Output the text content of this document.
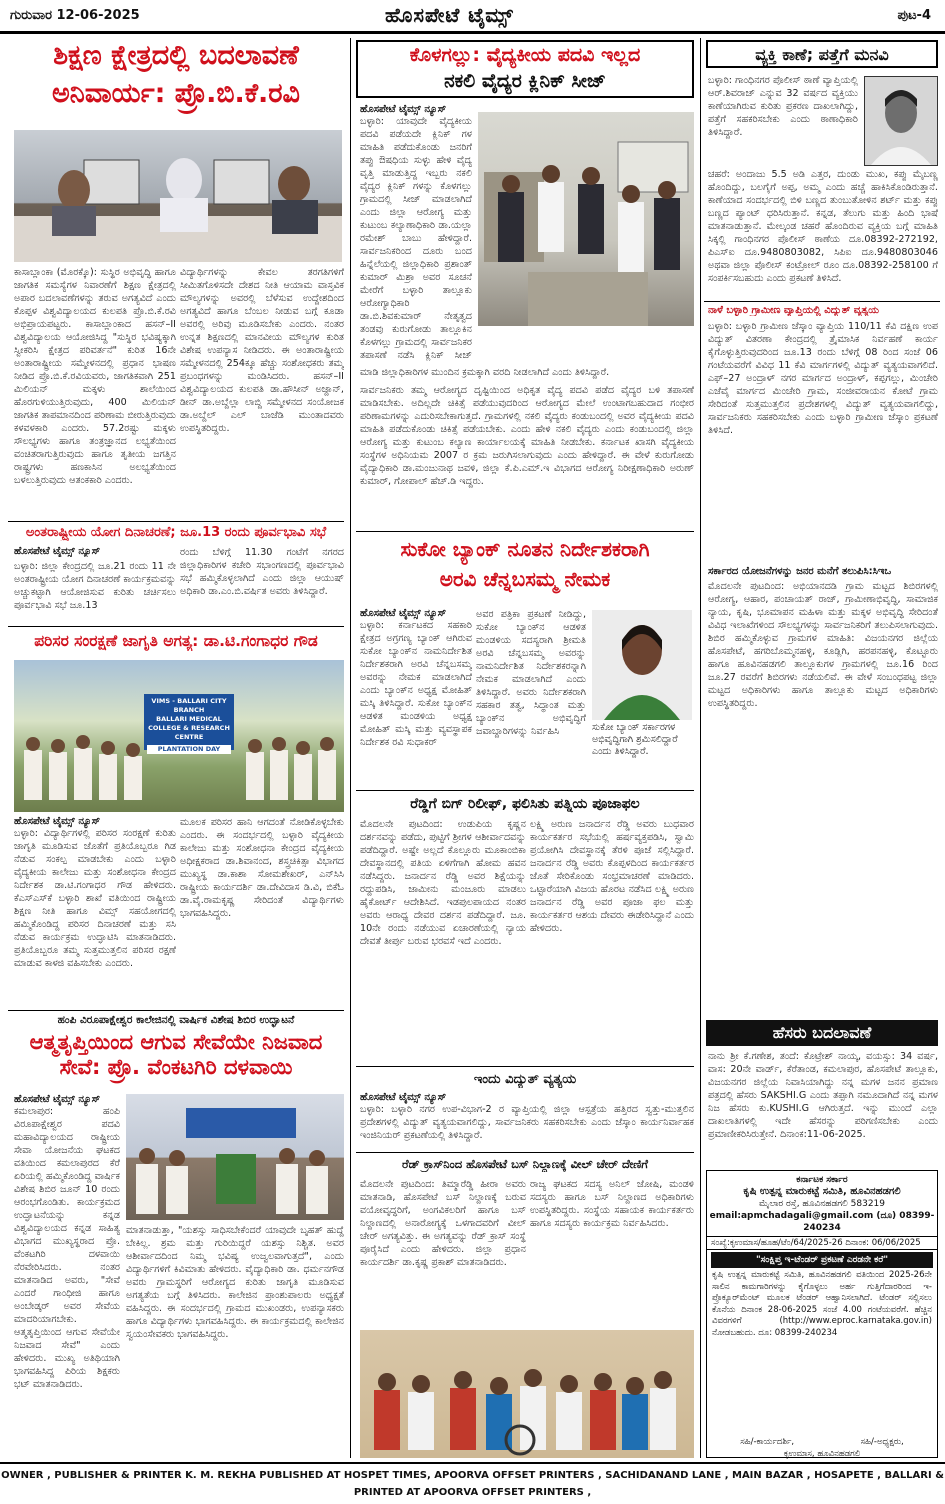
ಗುರುವಾರ 12-06-2025	ಹೊಸಪೇಟೆ ಟೈಮ್ಸ್	ಪುಟ-4
ಶಿಕ್ಷಣ ಕ್ಷೇತ್ರದಲ್ಲಿ ಬದಲಾವಣೆ
ಅನಿವಾರ್ಯ: ಪ್ರೊ.ಬಿ.ಕೆ.ರವಿ
ಕಾಸಾಬ್ಲಾಂಕಾ (ಮೊರಕ್ಕೊ): ಸುಸ್ಥಿರ ಅಭಿವೃದ್ಧಿ ಹಾಗೂ ಜಾಗತಿಕ ಸಮಸ್ಯೆಗಳ ನಿವಾರಣೆಗೆ ಶಿಕ್ಷಣ ಕ್ಷೇತ್ರದಲ್ಲಿ ಅಪಾರ ಬದಲಾವಣೆಗಳನ್ನು ತರುವ ಅಗತ್ಯವಿದೆ ಎಂದು ಕೊಪ್ಪಳ ವಿಶ್ವವಿದ್ಯಾಲಯದ ಕುಲಪತಿ ಪ್ರೊ.ಬಿ.ಕೆ.ರವಿ ಅಭಿಪ್ರಾಯಪಟ್ಟರು. ಕಾಸಾಬ್ಲಾಂಕಾದ ಹಸನ್–II ವಿಶ್ವವಿದ್ಯಾಲಯ ಆಯೋಜಿಸಿದ್ದ "ಸುಸ್ಥಿರ ಭವಿಷ್ಯಕ್ಕಾಗಿ ಸ್ವೀಕರಿಸಿ ಕ್ಷೇತ್ರದ ಪರಿವರ್ತನೆ" ಕುರಿತ 16ನೇ ಅಂತಾರಾಷ್ಟ್ರೀಯ ಸಮ್ಮೇಳನದಲ್ಲಿ ಪ್ರಧಾನ ಭಾಷಣ ನೀಡಿದ ಪ್ರೊ.ಬಿ.ಕೆ.ರವಿಯವರು, ಜಾಗತಿಕವಾಗಿ 251 ಮಿಲಿಯನ್ ಮಕ್ಕಳು ಶಾಲೆಯಿಂದ ಹೊರಗುಳಿಯುತ್ತಿರುವುದು, 400 ಮಿಲಿಯನ್ ಜಾಗತಿಕ ತಾಪಮಾನದಿಂದ ಪರಿಣಾಮ ಬೀರುತ್ತಿರುವುದು ಕಳವಳಕಾರಿ ಎಂದರು. 57.2ರಷ್ಟು ಮಕ್ಕಳು ಸೌಲಭ್ಯಗಳು ಹಾಗೂ ತಂತ್ರಜ್ಞಾನದ ಲಭ್ಯತೆಯಿಂದ ವಂಚಿತರಾಗುತ್ತಿರುವುದು ಹಾಗೂ ತೃತೀಯ ಜಗತ್ತಿನ ರಾಷ್ಟ್ರಗಳು ಹಣಕಾಸಿನ ಅಲಭ್ಯತೆಯಿಂದ ಬಳಲುತ್ತಿರುವುದು ಆತಂಕಕಾರಿ ಎಂದರು.
ವಿದ್ಯಾರ್ಥಿಗಳನ್ನು ಕೇವಲ ತರಗತಿಗಳಿಗೆ ಸೀಮಿತಗೊಳಿಸದೇ ದೇಶದ ನೀತಿ ಆಯಾಮ ವಾಸ್ತವಿಕ ಮೌಲ್ಯಗಳನ್ನು ಅವರಲ್ಲಿ ಬೆಳೆಸುವ ಉದ್ದೇಶದಿಂದ ಅಗತ್ಯವಿದೆ ಹಾಗೂ ಬೆಂಬಲ ನೀಡುವ ಬಗ್ಗೆ ಕೂಡಾ ಅವರಲ್ಲಿ ಅರಿವು ಮೂಡಿಸಬೇಕು ಎಂದರು. ನಂತರ ಉನ್ನತ ಶಿಕ್ಷಣದಲ್ಲಿ ಮಾನವೀಯ ಮೌಲ್ಯಗಳ ಕುರಿತ ವಿಶೇಷ ಉಪನ್ಯಾಸ ನೀಡಿದರು. ಈ ಅಂತಾರಾಷ್ಟ್ರೀಯ ಸಮ್ಮೇಳನದಲ್ಲಿ 254ಕ್ಕೂ ಹೆಚ್ಚು ಸಂಶೋಧಕರು ತಮ್ಮ ಪ್ರಬಂಧಗಳನ್ನು ಮಂಡಿಸಿದರು. ಹಸನ್–II ವಿಶ್ವವಿದ್ಯಾಲಯದ ಕುಲಪತಿ ಡಾ.ಹೌಸೀನ್ ಅಜ್ದಾನ್, ಡೀನ್ ಡಾ.ಅಬ್ದೆಲ್ಲಾ ಲಾಬ್ದಿ ಸಮ್ಮೇಳನದ ಸಂಯೋಜಕ ಡಾ.ಅಬ್ದೆಲ್ ಎಲ್ ಬಾಜೆಡಿ ಮುಂತಾದವರು ಉಪಸ್ಥಿತರಿದ್ದರು.
ಅಂತರಾಷ್ಟ್ರೀಯ ಯೋಗ ದಿನಾಚರಣೆ; ಜೂ.13 ರಂದು ಪೂರ್ವಭಾವಿ ಸಭೆ
ಹೊಸಪೇಟೆ ಟೈಮ್ಸ್ ನ್ಯೂಸ್
ಬಳ್ಳಾರಿ: ಜಿಲ್ಲಾ ಕೇಂದ್ರದಲ್ಲಿ ಜೂ.21 ರಂದು 11 ನೇ ಅಂತರಾಷ್ಟ್ರೀಯ ಯೋಗ ದಿನಾಚರಣೆ ಕಾರ್ಯಕ್ರಮವನ್ನು ಅಚ್ಚುಕಟ್ಟಾಗಿ ಆಯೋಜಿಸುವ ಕುರಿತು ಚರ್ಚಿಸಲು ಪೂರ್ವಭಾವಿ ಸಭೆ ಜೂ.13
ರಂದು ಬೆಳಿಗ್ಗೆ 11.30 ಗಂಟೆಗೆ ನಗರದ ಜಿಲ್ಲಾಧಿಕಾರಿಗಳ ಕಚೇರಿ ಸಭಾಂಗಣದಲ್ಲಿ ಪೂರ್ವಭಾವಿ ಸಭೆ ಹಮ್ಮಿಕೊಳ್ಳಲಾಗಿದೆ ಎಂದು ಜಿಲ್ಲಾ ಆಯುಷ್ ಅಧಿಕಾರಿ ಡಾ.ಎಂ.ಬಿ.ವರ್ಷಿತ ಅವರು ತಿಳಿಸಿದ್ದಾರೆ.
ಪರಿಸರ ಸಂರಕ್ಷಣೆ ಜಾಗೃತಿ ಅಗತ್ಯ: ಡಾ.ಟಿ.ಗಂಗಾಧರ ಗೌಡ
VIMS - BALLARI CITY BRANCH
BALLARI MEDICAL COLLEGE & RESEARCH CENTRE
PLANTATION DAY
ಹೊಸಪೇಟೆ ಟೈಮ್ಸ್ ನ್ಯೂಸ್
ಬಳ್ಳಾರಿ: ವಿದ್ಯಾರ್ಥಿಗಳಲ್ಲಿ ಪರಿಸರ ಸಂರಕ್ಷಣೆ ಕುರಿತು ಜಾಗೃತಿ ಮೂಡಿಸುವ ಜೊತೆಗೆ ಪ್ರತಿಯೊಬ್ಬರೂ ಗಿಡ ನೆಡುವ ಸಂಕಲ್ಪ ಮಾಡಬೇಕು ಎಂದು ಬಳ್ಳಾರಿ ವೈದ್ಯಕೀಯ ಕಾಲೇಜು ಮತ್ತು ಸಂಶೋಧನಾ ಕೇಂದ್ರದ ನಿರ್ದೇಶಕ ಡಾ.ಟಿ.ಗಂಗಾಧರ ಗೌಡ ಹೇಳಿದರು. ಕೆಎಸ್‌ಎಸ್‌ಕೆ ಬಳ್ಳಾರಿ ಶಾಖೆ ವತಿಯಿಂದ ರಾಷ್ಟ್ರೀಯ ಶಿಕ್ಷಣ ನೀತಿ ಹಾಗೂ ವಿಮ್ಸ್ ಸಹಯೋಗದಲ್ಲಿ ಹಮ್ಮಿಕೊಂಡಿದ್ದ ಪರಿಸರ ದಿನಾಚರಣೆ ಮತ್ತು ಸಸಿ ನೆಡುವ ಕಾರ್ಯಕ್ರಮ ಉದ್ಘಾಟಿಸಿ ಮಾತನಾಡಿದರು. ಪ್ರತಿಯೊಬ್ಬರೂ ತಮ್ಮ ಸುತ್ತಮುತ್ತಲಿನ ಪರಿಸರ ರಕ್ಷಣೆ ಮಾಡುವ ಕಾಳಜಿ ವಹಿಸಬೇಕು ಎಂದರು.
ಮೂಲಕ ಪರಿಸರ ಹಾನಿ ಆಗದಂತೆ ನೋಡಿಕೊಳ್ಳಬೇಕು ಎಂದರು. ಈ ಸಂದರ್ಭದಲ್ಲಿ ಬಳ್ಳಾರಿ ವೈದ್ಯಕೀಯ ಕಾಲೇಜು ಮತ್ತು ಸಂಶೋಧನಾ ಕೇಂದ್ರದ ವೈದ್ಯಕೀಯ ಅಧೀಕ್ಷಕರಾದ ಡಾ.ಶಿವಾನಂದ, ಶಸ್ತ್ರಚಿಕಿತ್ಸಾ ವಿಭಾಗದ ಮುಖ್ಯಸ್ಥ ಡಾ.ಕಾಶಾ ಸೋಮಶೇಖರ್, ಎನ್‌ಸಿಸಿ ರಾಷ್ಟ್ರೀಯ ಕಾರ್ಯದರ್ಶಿ ಡಾ.ದೇವಿದಾಸ ಡಿ.ವಿ, ಬಿಕೆಓ ಡಾ.ವೈ.ರಾಮಕೃಷ್ಣ ಸೇರಿದಂತೆ ವಿದ್ಯಾರ್ಥಿಗಳು ಭಾಗವಹಿಸಿದ್ದರು.
ಹಂಪಿ ವಿರೂಪಾಕ್ಷೇಶ್ವರ ಕಾಲೇಜಿನಲ್ಲಿ ವಾರ್ಷಿಕ ವಿಶೇಷ ಶಿಬಿರ ಉದ್ಘಾಟನೆ
ಆತ್ಮತೃಪ್ತಿಯಿಂದ ಆಗುವ ಸೇವೆಯೇ ನಿಜವಾದ
ಸೇವೆ: ಪ್ರೊ. ವೆಂಕಟಗಿರಿ ದಳವಾಯಿ
ಹೊಸಪೇಟೆ ಟೈಮ್ಸ್ ನ್ಯೂಸ್
ಕಮಲಾಪುರ: ಹಂಪಿ ವಿರೂಪಾಕ್ಷೇಶ್ವರ ಪದವಿ ಮಹಾವಿದ್ಯಾಲಯದ ರಾಷ್ಟ್ರೀಯ ಸೇವಾ ಯೋಜನೆಯ ಘಟಕದ ವತಿಯಿಂದ ಕಮಲಾಪುರದ ಕೆರೆ ಏರಿಯಲ್ಲಿ ಹಮ್ಮಿಕೊಂಡಿದ್ದ ವಾರ್ಷಿಕ ವಿಶೇಷ ಶಿಬಿರ ಜೂನ್ 10 ರಂದು ಆರಂಭಗೊಂಡಿತು. ಕಾರ್ಯಕ್ರಮದ ಉದ್ಘಾಟನೆಯನ್ನು ಕನ್ನಡ ವಿಶ್ವವಿದ್ಯಾಲಯದ ಕನ್ನಡ ಸಾಹಿತ್ಯ ವಿಭಾಗದ ಮುಖ್ಯಸ್ಥರಾದ ಪ್ರೊ. ವೆಂಕಟಗಿರಿ ದಳವಾಯಿ ನೆರವೇರಿಸಿದರು. ನಂತರ ಮಾತನಾಡಿದ ಅವರು, "ಸೇವೆ ಎಂದರೆ ಗಾಂಧೀಜಿ ಹಾಗೂ ಅಂಬೇಡ್ಕರ್ ಅವರ ಸೇವೆಯ ಮಾದರಿಯಾಗಬೇಕು. ಆತ್ಮತೃಪ್ತಿಯಿಂದ ಆಗುವ ಸೇವೆಯೇ ನಿಜವಾದ ಸೇವೆ" ಎಂದು ಹೇಳಿದರು. ಮುಖ್ಯ ಅತಿಥಿಯಾಗಿ ಭಾಗವಹಿಸಿದ್ದ ಪಿರಿಯ ಶಿಕ್ಷಕರು ಭಟ್ ಮಾತನಾಡಿದರು.
ಮಾತನಾಡುತ್ತಾ, "ಯಶಸ್ಸು ಸಾಧಿಸಬೇಕೆಂದರೆ ಯಾವುದೇ ಬೃಹತ್ ಹುದ್ದೆ ಬೇಕಿಲ್ಲ. ಶ್ರಮ ಮತ್ತು ಗುರಿಯಿದ್ದರೆ ಯಶಸ್ಸು ನಿಶ್ಚಿತ. ಅವರ ಆಶೀರ್ವಾದದಿಂದ ನಿಮ್ಮ ಭವಿಷ್ಯ ಉಜ್ವಲವಾಗುತ್ತದೆ", ಎಂದು ವಿದ್ಯಾರ್ಥಿಗಳಿಗೆ ಕಿವಿಮಾತು ಹೇಳಿದರು. ವೈದ್ಯಾಧಿಕಾರಿ ಡಾ. ಧರ್ಮನಗೌಡ ಅವರು ಗ್ರಾಮಸ್ಥರಿಗೆ ಆರೋಗ್ಯದ ಕುರಿತು ಜಾಗೃತಿ ಮೂಡಿಸುವ ಅಗತ್ಯತೆಯ ಬಗ್ಗೆ ತಿಳಿಸಿದರು. ಕಾಲೇಜಿನ ಪ್ರಾಂಶುಪಾಲರು ಅಧ್ಯಕ್ಷತೆ ವಹಿಸಿದ್ದರು. ಈ ಸಂದರ್ಭದಲ್ಲಿ ಗ್ರಾಮದ ಮುಖಂಡರು, ಉಪನ್ಯಾಸಕರು ಹಾಗೂ ವಿದ್ಯಾರ್ಥಿಗಳು ಭಾಗವಹಿಸಿದ್ದರು. ಈ ಕಾರ್ಯಕ್ರಮದಲ್ಲಿ ಕಾಲೇಜಿನ ಸ್ವಯಂಸೇವಕರು ಭಾಗವಹಿಸಿದ್ದರು.
ಕೊಳಗಲ್ಲು: ವೈದ್ಯಕೀಯ ಪದವಿ ಇಲ್ಲದ
ನಕಲಿ ವೈದ್ಯರ ಕ್ಲಿನಿಕ್ ಸೀಜ್
ಹೊಸಪೇಟೆ ಟೈಮ್ಸ್ ನ್ಯೂಸ್
ಬಳ್ಳಾರಿ: ಯಾವುದೇ ವೈದ್ಯಕೀಯ ಪದವಿ ಪಡೆಯದೇ ಕ್ಲಿನಿಕ್ ಗಳ ಮಾಹಿತಿ ಪಡೆದುಕೊಂಡು ಜನರಿಗೆ ತಪ್ಪು ಔಷಧಿಯ ಸುಳ್ಳು ಹೇಳಿ ವೈದ್ಯ ವೃತ್ತಿ ಮಾಡುತ್ತಿದ್ದ ಇಬ್ಬರು ನಕಲಿ ವೈದ್ಯರ ಕ್ಲಿನಿಕ್ ಗಳನ್ನು ಕೊಳಗಲ್ಲು ಗ್ರಾಮದಲ್ಲಿ ಸೀಜ್ ಮಾಡಲಾಗಿದೆ ಎಂದು ಜಿಲ್ಲಾ ಆರೋಗ್ಯ ಮತ್ತು ಕುಟುಂಬ ಕಲ್ಯಾಣಾಧಿಕಾರಿ ಡಾ.ಯಲ್ಲಾ ರಮೇಶ್ ಬಾಬು ಹೇಳಿದ್ದಾರೆ. ಸಾರ್ವಜನಿಕರಿಂದ ದೂರು ಬಂದ ಹಿನ್ನೆಲೆಯಲ್ಲಿ ಜಿಲ್ಲಾಧಿಕಾರಿ ಪ್ರಶಾಂತ್ ಕುಮಾರ್ ಮಿಶ್ರಾ ಅವರ ಸೂಚನೆ ಮೇರೆಗೆ ಬಳ್ಳಾರಿ ತಾಲ್ಲೂಕು ಆರೋಗ್ಯಾಧಿಕಾರಿ ಡಾ.ಬಿ.ಶಿವಕುಮಾರ್ ನೇತೃತ್ವದ ತಂಡವು ಕುರುಗೋಡು ತಾಲ್ಲೂಕಿನ ಕೊಳಗಲ್ಲು ಗ್ರಾಮದಲ್ಲಿ ಸಾರ್ವಜನಿಕರ ತಪಾಸಣೆ ನಡೆಸಿ ಕ್ಲಿನಿಕ್ ಸೀಜ್
ಮಾಡಿ ಜಿಲ್ಲಾಧಿಕಾರಿಗಳ ಮುಂದಿನ ಕ್ರಮಕ್ಕಾಗಿ ವರದಿ ನೀಡಲಾಗಿದೆ ಎಂದು ತಿಳಿಸಿದ್ದಾರೆ.
ಸಾರ್ವಜನಿಕರು ತಮ್ಮ ಆರೋಗ್ಯದ ದೃಷ್ಟಿಯಿಂದ ಅಧಿಕೃತ ವೈದ್ಯ ಪದವಿ ಪಡೆದ ವೈದ್ಯರ ಬಳಿ ತಪಾಸಣೆ ಮಾಡಿಸಬೇಕು. ಅದಿಲ್ಲದೇ ಚಿಕಿತ್ಸೆ ಪಡೆಯುವುದರಿಂದ ಆರೋಗ್ಯದ ಮೇಲೆ ಉಂಟಾಗಬಹುದಾದ ಗಂಭೀರ ಪರಿಣಾಮಗಳನ್ನು ಎದುರಿಸಬೇಕಾಗುತ್ತದೆ. ಗ್ರಾಮಗಳಲ್ಲಿ ನಕಲಿ ವೈದ್ಯರು ಕಂಡುಬಂದಲ್ಲಿ ಅವರ ವೈದ್ಯಕೀಯ ಪದವಿ ಮಾಹಿತಿ ಪಡೆದುಕೊಂಡು ಚಿಕಿತ್ಸೆ ಪಡೆಯಬೇಕು. ಎಂದು ಹೇಳಿ ನಕಲಿ ವೈದ್ಯರು ಎಂದು ಕಂಡುಬಂದಲ್ಲಿ ಜಿಲ್ಲಾ ಆರೋಗ್ಯ ಮತ್ತು ಕುಟುಂಬ ಕಲ್ಯಾಣ ಕಾರ್ಯಾಲಯಕ್ಕೆ ಮಾಹಿತಿ ನೀಡಬೇಕು. ಕರ್ನಾಟಕ ಖಾಸಗಿ ವೈದ್ಯಕೀಯ ಸಂಸ್ಥೆಗಳ ಅಧಿನಿಯಮ 2007 ರ ಕ್ರಮ ಜರುಗಿಸಲಾಗುವುದು ಎಂದು ಹೇಳಿದ್ದಾರೆ. ಈ ವೇಳೆ ಕುರುಗೋಡು ವೈದ್ಯಾಧಿಕಾರಿ ಡಾ.ಮಂಜುನಾಥ ಜವಳಿ, ಜಿಲ್ಲಾ ಕೆ.ಪಿ.ಎಮ್.ಇ ವಿಭಾಗದ ಆರೋಗ್ಯ ನಿರೀಕ್ಷಣಾಧಿಕಾರಿ ಅರುಣ್ ಕುಮಾರ್, ಗೋಪಾಲ್ ಹೆಚ್.ಡಿ ಇದ್ದರು.
ಸುಕೋ ಬ್ಯಾಂಕ್ ನೂತನ ನಿರ್ದೇಶಕರಾಗಿ
ಅರವಿ ಚೆನ್ನಬಸಮ್ಮ ನೇಮಕ
ಹೊಸಪೇಟೆ ಟೈಮ್ಸ್ ನ್ಯೂಸ್
ಬಳ್ಳಾರಿ: ಕರ್ನಾಟಕದ ಸಹಕಾರಿ ಕ್ಷೇತ್ರದ ಅಗ್ರಗಣ್ಯ ಬ್ಯಾಂಕ್ ಆಗಿರುವ ಸುಕೋ ಬ್ಯಾಂಕ್‌ನ ನಾಮನಿರ್ದೇಶಿತ ನಿರ್ದೇಶಕರಾಗಿ ಅರವಿ ಚೆನ್ನಬಸಮ್ಮ ಅವರನ್ನು ನೇಮಕ ಮಾಡಲಾಗಿದೆ ಎಂದು ಬ್ಯಾಂಕ್‌ನ ಅಧ್ಯಕ್ಷ ಮೋಹಿತ್ ಮಸ್ಕಿ ತಿಳಿಸಿದ್ದಾರೆ. ಸುಕೋ ಬ್ಯಾಂಕ್‌ನ ಆಡಳಿತ ಮಂಡಳಿಯ ಅಧ್ಯಕ್ಷ ಮೋಹಿತ್ ಮಸ್ಕಿ ಮತ್ತು ವ್ಯವಸ್ಥಾಪಕ ನಿರ್ದೇಶಕ ರವಿ ಸುಧಾಕರ್
ಅವರ ಪತ್ರಿಕಾ ಪ್ರಕಟಣೆ ನೀಡಿದ್ದು, ಸುಕೋ ಬ್ಯಾಂಕ್‌ನ ಆಡಳಿತ ಮಂಡಳಿಯ ಸದಸ್ಯರಾಗಿ ಶ್ರೀಮತಿ ಅರವಿ ಚೆನ್ನಬಸಮ್ಮ ಅವರನ್ನು ನಾಮನಿರ್ದೇಶಿತ ನಿರ್ದೇಶಕರನ್ನಾಗಿ ನೇಮಕ ಮಾಡಲಾಗಿದೆ ಎಂದು ತಿಳಿಸಿದ್ದಾರೆ. ಅವರು ನಿರ್ದೇಶಕರಾಗಿ ಸಹಕಾರ ತತ್ವ, ಸಿದ್ಧಾಂತ ಮತ್ತು ಬ್ಯಾಂಕ್‌ನ ಅಭಿವೃದ್ಧಿಗೆ ಜವಾಬ್ದಾರಿಗಳನ್ನು ನಿರ್ವಹಿಸಿ	ಸುಕೋ ಬ್ಯಾಂಕ್ ಸರ್ಕಾರಗಳ ಅಭಿವೃದ್ಧಿಗಾಗಿ ಶ್ರಮಿಸಲಿದ್ದಾರೆ ಎಂದು ತಿಳಿಸಿದ್ದಾರೆ.
ರೆಡ್ಡಿಗೆ ಬಿಗ್ ರಿಲೀಫ್, ಫಲಿಸಿತು ಪತ್ನಿಯ ಪೂಜಾಫಲ
ಮೊದಲನೇ ಪುಟದಿಂದ: ಉಡುಪಿಯ ಕೃಷ್ಣನ ದರ್ಶನವನ್ನು ಪಡೆದು, ಪುಟ್ಟಿಗೆ ಶ್ರೀಗಳ ಆಶೀರ್ವಾದವನ್ನು ಪಡೆದಿದ್ದಾರೆ. ಅಷ್ಟೇ ಅಲ್ಲದೆ ಕೊಲ್ಲೂರು ಮೂಕಾಂಬಿಕಾ ದೇವಸ್ಥಾನದಲ್ಲಿ ಪತಿಯ ಏಳಿಗೆಗಾಗಿ ಹೋಮ ಹವನ ನಡೆಸಿದ್ದರು. ಜನಾರ್ದನ ರೆಡ್ಡಿ ಅವರ ಶಿಕ್ಷೆಯನ್ನು ರದ್ದುಪಡಿಸಿ, ಜಾಮೀನು ಮಂಜೂರು ಮಾಡಲು ಹೈಕೋರ್ಟ್ ಆದೇಶಿಸಿದೆ. ಇಡಪುಲಪಾಯದ ನಂತರ ಅವರು ಆರಾಧ್ಯ ದೇವರ ದರ್ಶನ ಪಡೆದಿದ್ದಾರೆ. ಜೂ. 10ನೇ ರಂದು ನಡೆಯುವ ಏಚಾರಣೆಯಲ್ಲಿ ನ್ಯಾಯ ದೇವತೆ ತೀರ್ಪು ಬರುವ ಭರವಸೆ ಇದೆ ಎಂದರು.
ಲಕ್ಷ್ಮಿ ಅರುಣ ಜನಾರ್ದನ ರೆಡ್ಡಿ ಅವರು ಬುಧವಾರ ಕಾರ್ಯಕರ್ತರ ಸಭೆಯಲ್ಲಿ ಹರ್ಷವ್ಯಕ್ತಪಡಿಸಿ, ಸ್ವಾಮಿ ಪ್ರಯೋಗಿಸಿ ದೇವಸ್ಥಾನಕ್ಕೆ ತೆರಳಿ ಪೂಜೆ ಸಲ್ಲಿಸಿದ್ದಾರೆ. ಜನಾರ್ದನ ರೆಡ್ಡಿ ಅವರು ಕೊಪ್ಪಳದಿಂದ ಕಾರ್ಯಕರ್ತರ ಜೊತೆ ಸೇರಿಕೊಂಡು ಸಂಭ್ರಮಾಚರಣೆ ಮಾಡಿದರು. ಒಟ್ಟಾರೆಯಾಗಿ ವಿಜಯ ಹೊರಟ ನಡೆಸಿದ ಲಕ್ಷ್ಮಿ ಅರುಣ ಜನಾರ್ದನ ರೆಡ್ಡಿ ಅವರ ಪೂಜಾ ಫಲ ಮತ್ತು ಕಾರ್ಯಕರ್ತರ ಆಶಯ ದೇವರು ಈಡೇರಿಸಿದ್ದಾನೆ ಎಂದು ಹೇಳಿದರು.
ಇಂದು ವಿದ್ಯುತ್ ವ್ಯತ್ಯಯ
ಹೊಸಪೇಟೆ ಟೈಮ್ಸ್ ನ್ಯೂಸ್
ಬಳ್ಳಾರಿ: ಬಳ್ಳಾರಿ ನಗರ ಉಪ-ವಿಭಾಗ-2 ರ ವ್ಯಾಪ್ತಿಯಲ್ಲಿ ಜಿಲ್ಲಾ ಆಸ್ಪತ್ರೆಯ ಹತ್ತಿರದ ಸ್ವತ್ತು-ಮುತ್ತಲಿನ ಪ್ರದೇಶಗಳಲ್ಲಿ ವಿದ್ಯುತ್ ವ್ಯತ್ಯಯವಾಗಲಿದ್ದು, ಸಾರ್ವಜನಿಕರು ಸಹಕರಿಸಬೇಕು ಎಂದು ಜೆಸ್ಕಾಂ ಕಾರ್ಯನಿರ್ವಾಹಕ ಇಂಜಿನಿಯರ್ ಪ್ರಕಟಣೆಯಲ್ಲಿ ತಿಳಿಸಿದ್ದಾರೆ.
ರೆಡ್ ಕ್ರಾಸ್‌ನಿಂದ ಹೊಸಪೇಟೆ ಬಸ್ ನಿಲ್ದಾಣಕ್ಕೆ ವೀಲ್ ಚೇರ್ ದೇಣಿಗೆ
ಮೊದಲನೇ ಪುಟದಿಂದ: ತಿಮ್ಮಾರೆಡ್ಡಿ ಹೀರಾ ಅವರು ಮಾತನಾಡಿ, ಹೊಸಪೇಟೆ ಬಸ್ ನಿಲ್ದಾಣಕ್ಕೆ ಬರುವ ವಯೋವೃದ್ಧರಿಗೆ, ಅಂಗವಿಕಲರಿಗೆ ಹಾಗೂ ಬಸ್ ನಿಲ್ದಾಣದಲ್ಲಿ ಅನಾರೋಗ್ಯಕ್ಕೆ ಒಳಗಾದವರಿಗೆ ವೀಲ್ ಚೇರ್ ಅಗತ್ಯವಿತ್ತು. ಈ ಅಗತ್ಯವನ್ನು ರೆಡ್ ಕ್ರಾಸ್ ಸಂಸ್ಥೆ ಪೂರೈಸಿದೆ ಎಂದು ಹೇಳಿದರು. ಜಿಲ್ಲಾ ಪ್ರಧಾನ ಕಾರ್ಯದರ್ಶಿ ಡಾ.ಕೃಷ್ಣ ಪ್ರಕಾಶ್ ಮಾತನಾಡಿದರು.
ರಾಜ್ಯ ಘಟಕದ ಸದಸ್ಯ ಅನಿಲ್ ಜೋಷಿ, ಮಂಡಳಿ ಸದಸ್ಯರು ಹಾಗೂ ಬಸ್ ನಿಲ್ದಾಣದ ಅಧಿಕಾರಿಗಳು ಉಪಸ್ಥಿತರಿದ್ದರು. ಸಂಸ್ಥೆಯ ಸಹಾಯಕ ಕಾರ್ಯಕರ್ತರು ಹಾಗೂ ಸದಸ್ಯರು ಕಾರ್ಯಕ್ರಮ ನಿರ್ವಹಿಸಿದರು.
ವ್ಯಕ್ತಿ ಕಾಣೆ; ಪತ್ತೆಗೆ ಮನವಿ
ಬಳ್ಳಾರಿ: ಗಾಂಧಿನಗರ ಪೊಲೀಸ್ ಠಾಣೆ ವ್ಯಾಪ್ತಿಯಲ್ಲಿ ಆರ್.ಶಿವರಾಜ್ ಎನ್ನುವ 32 ವರ್ಷದ ವ್ಯಕ್ತಿಯು ಕಾಣೆಯಾಗಿರುವ ಕುರಿತು ಪ್ರಕರಣ ದಾಖಲಾಗಿದ್ದು, ಪತ್ತೆಗೆ ಸಹಕರಿಸಬೇಕು ಎಂದು ಠಾಣಾಧಿಕಾರಿ ತಿಳಿಸಿದ್ದಾರೆ.
ಚಹರೆ: ಅಂದಾಜು 5.5 ಅಡಿ ಎತ್ತರ, ದುಂಡು ಮುಖ, ಕಪ್ಪು ಮೈಬಣ್ಣ ಹೊಂದಿದ್ದು, ಬಲಗೈಗೆ ಅಪ್ಪ, ಅಮ್ಮ ಎಂದು ಹಚ್ಚೆ ಹಾಕಿಸಿಕೊಂಡಿರುತ್ತಾನೆ. ಕಾಣೆಯಾದ ಸಂದರ್ಭದಲ್ಲಿ ಬಿಳಿ ಬಣ್ಣದ ತುಂಬುತೋಳಿನ ಶರ್ಟ್ ಮತ್ತು ಕಪ್ಪು ಬಣ್ಣದ ಪ್ಯಾಂಟ್ ಧರಿಸಿರುತ್ತಾನೆ. ಕನ್ನಡ, ತೆಲುಗು ಮತ್ತು ಹಿಂದಿ ಭಾಷೆ ಮಾತನಾಡುತ್ತಾನೆ. ಮೇಲ್ಕಂಡ ಚಹರೆ ಹೊಂದಿರುವ ವ್ಯಕ್ತಿಯ ಬಗ್ಗೆ ಮಾಹಿತಿ ಸಿಕ್ಕಲ್ಲಿ ಗಾಂಧಿನಗರ ಪೊಲೀಸ್ ಠಾಣೆಯ ದೂ.08392-272192, ಪಿಎಸ್‌ಐ ದೂ.9480803082, ಸಿಪಿಐ ದೂ.9480803046 ಅಥವಾ ಜಿಲ್ಲಾ ಪೊಲೀಸ್ ಕಂಟ್ರೋಲ್ ರೂಂ ದೂ.08392-258100 ಗೆ ಸಂಪರ್ಕಿಸಬಹುದು ಎಂದು ಪ್ರಕಟಣೆ ತಿಳಿಸಿದೆ.
ನಾಳೆ ಬಳ್ಳಾರಿ ಗ್ರಾಮೀಣ ವ್ಯಾಪ್ತಿಯಲ್ಲಿ ವಿದ್ಯುತ್ ವ್ಯತ್ಯಯ
ಬಳ್ಳಾರಿ: ಬಳ್ಳಾರಿ ಗ್ರಾಮೀಣ ಜೆಸ್ಕಾಂ ವ್ಯಾಪ್ತಿಯ 110/11 ಕೆವಿ ದಕ್ಷಿಣ ಉಪ ವಿದ್ಯುತ್ ವಿತರಣಾ ಕೇಂದ್ರದಲ್ಲಿ ತ್ರೈಮಾಸಿಕ ನಿರ್ವಹಣೆ ಕಾರ್ಯ ಕೈಗೊಳ್ಳುತ್ತಿರುವುದರಿಂದ ಜೂ.13 ರಂದು ಬೆಳಿಗ್ಗೆ 08 ರಿಂದ ಸಂಜೆ 06 ಗಂಟೆಯವರೆಗೆ ವಿವಿಧ 11 ಕೆವಿ ಮಾರ್ಗಗಳಲ್ಲಿ ವಿದ್ಯುತ್ ವ್ಯತ್ಯಯವಾಗಲಿದೆ. ಎಫ್–27 ಅಂದ್ರಾಳ್ ನಗರ ಮಾರ್ಗದ ಅಂದ್ರಾಳ್, ಕಪ್ಪಗಲ್ಲು, ಮಿಂಚೇರಿ ಎಜೆವೈ ಮಾರ್ಗದ ಮಿಂಚೇರಿ ಗ್ರಾಮ, ಸಂಜೀವರಾಯನ ಕೋಟೆ ಗ್ರಾಮ ಸೇರಿದಂತೆ ಸುತ್ತಮುತ್ತಲಿನ ಪ್ರದೇಶಗಳಲ್ಲಿ ವಿದ್ಯುತ್ ವ್ಯತ್ಯಯವಾಗಲಿದ್ದು, ಸಾರ್ವಜನಿಕರು ಸಹಕರಿಸಬೇಕು ಎಂದು ಬಳ್ಳಾರಿ ಗ್ರಾಮೀಣ ಜೆಸ್ಕಾಂ ಪ್ರಕಟಣೆ ತಿಳಿಸಿದೆ.
ಸರ್ಕಾರದ ಯೋಜನೆಗಳನ್ನು ಜನರ ಮನೆಗೆ ತಲುಪಿಸಿ:ಸಿಇಒ
ಮೊದಲನೇ ಪುಟದಿಂದ: ಅಭಿಯಾನದಡಿ ಗ್ರಾಮ ಮಟ್ಟದ ಶಿಬಿರಗಳಲ್ಲಿ ಆರೋಗ್ಯ, ಆಹಾರ, ಪಂಚಾಯತ್ ರಾಜ್, ಗ್ರಾಮೀಣಾಭಿವೃದ್ಧಿ, ಸಾಮಾಜಿಕ ನ್ಯಾಯ, ಕೃಷಿ, ಭೂಮಾಪನ ಮಹಿಳಾ ಮತ್ತು ಮಕ್ಕಳ ಅಭಿವೃದ್ಧಿ ಸೇರಿದಂತೆ ವಿವಿಧ ಇಲಾಖೆಗಳಿಂದ ಸೌಲಭ್ಯಗಳನ್ನು ಸಾರ್ವಜನಿಕರಿಗೆ ತಲುಪಿಸಲಾಗುವುದು. ಶಿಬಿರ ಹಮ್ಮಿಕೊಳ್ಳುವ ಗ್ರಾಮಗಳ ಮಾಹಿತಿ: ವಿಜಯನಗರ ಜಿಲ್ಲೆಯ ಹೊಸಪೇಟೆ, ಹಗರಿಬೊಮ್ಮನಹಳ್ಳಿ, ಕೂಡ್ಲಿಗಿ, ಹರಪನಹಳ್ಳಿ, ಕೊಟ್ಟೂರು ಹಾಗೂ ಹೂವಿನಹಡಗಲಿ ತಾಲ್ಲೂಕುಗಳ ಗ್ರಾಮಗಳಲ್ಲಿ ಜೂ.16 ರಿಂದ ಜೂ.27 ರವರೆಗೆ ಶಿಬಿರಗಳು ನಡೆಯಲಿವೆ. ಈ ವೇಳೆ ಸಂಬಂಧಪಟ್ಟ ಜಿಲ್ಲಾ ಮಟ್ಟದ ಅಧಿಕಾರಿಗಳು ಹಾಗೂ ತಾಲ್ಲೂಕು ಮಟ್ಟದ ಅಧಿಕಾರಿಗಳು ಉಪಸ್ಥಿತರಿದ್ದರು.
ಹೆಸರು ಬದಲಾವಣೆ
ನಾನು ಶ್ರೀ ಕೆ.ಗಣೇಶ, ತಂದೆ: ಕೊಟ್ರೇಶ್ ನಾಯ್ಕ, ವಯಸ್ಸು: 34 ವರ್ಷ, ವಾಸ: 20ನೇ ವಾರ್ಡ್, ಕೆರೆತಾಂಡ, ಕಮಲಾಪುರ, ಹೊಸಪೇಟೆ ತಾಲ್ಲೂಕು, ವಿಜಯನಗರ ಜಿಲ್ಲೆಯ ನಿವಾಸಿಯಾಗಿದ್ದು ನನ್ನ ಮಗಳ ಜನನ ಪ್ರಮಾಣ ಪತ್ರದಲ್ಲಿ ಹೆಸರು SAKSHI.G ಎಂದು ತಪ್ಪಾಗಿ ನಮೂದಾಗಿದೆ ನನ್ನ ಮಗಳ ನಿಜ ಹೆಸರು ಕು.KUSHI.G ಆಗಿರುತ್ತದೆ. ಇನ್ನು ಮುಂದೆ ಎಲ್ಲಾ ದಾಖಲಾತಿಗಳಲ್ಲಿ ಇದೇ ಹೆಸರನ್ನು ಪರಿಗಣಿಸಬೇಕು ಎಂದು ಪ್ರಮಾಣೀಕರಿಸಿರುತ್ತೇನೆ. ದಿನಾಂಕ:11-06-2025.
ಕರ್ನಾಟಕ ಸರ್ಕಾರ
ಕೃಷಿ ಉತ್ಪನ್ನ ಮಾರುಕಟ್ಟೆ ಸಮಿತಿ, ಹೂವಿನಹಡಗಲಿ
ಮೈಲಾರ ರಸ್ತೆ, ಹೂವಿನಹಡಗಲಿ 583219
email:apmchadagali@gmail.com (ದೂ) 08399-240234
ಸಂಖ್ಯೆ:ಕೃಉಮಾಸ/ಹೂಹ/ಟೆಂ/64/2025-26 ದಿನಾಂಕ: 06/06/2025
"ಸಂಕ್ಷಿಪ್ತ ಇ-ಟೆಂಡರ್ ಪ್ರಕಟಣೆ ಎರಡನೇ ಕರೆ"
ಕೃಷಿ ಉತ್ಪನ್ನ ಮಾರುಕಟ್ಟೆ ಸಮಿತಿ, ಹೂವಿನಹಡಗಲಿ ವತಿಯಿಂದ 2025-26ನೇ ಸಾಲಿನ ಕಾಮಗಾರಿಗಳನ್ನು ಕೈಗೊಳ್ಳಲು ಅರ್ಹ ಗುತ್ತಿಗೆದಾರರಿಂದ ಇ-ಪ್ರೊಕ್ಯೂರ್‌ಮೆಂಟ್ ಮೂಲಕ ಟೆಂಡರ್ ಆಹ್ವಾನಿಸಲಾಗಿದೆ. ಟೆಂಡರ್ ಸಲ್ಲಿಸಲು ಕೊನೆಯ ದಿನಾಂಕ 28-06-2025 ಸಂಜೆ 4.00 ಗಂಟೆಯವರೆಗೆ. ಹೆಚ್ಚಿನ ವಿವರಗಳಿಗೆ (http://www.eproc.karnataka.gov.in) ನೋಡಬಹುದು. ದೂ: 08399-240234
ಸಹಿ/-ಕಾರ್ಯದರ್ಶಿ,	ಸಹಿ/-ಅಧ್ಯಕ್ಷರು,
ಕೃಉಮಾಸ, ಹೂವಿನಹಡಗಲಿ
OWNER , PUBLISHER & PRINTER K. M. REKHA PUBLISHED AT HOSPET TIMES, APOORVA OFFSET PRINTERS , SACHIDANAND LANE , MAIN BAZAR , HOSAPETE , BALLARI & PRINTED AT APOORVA OFFSET PRINTERS ,
